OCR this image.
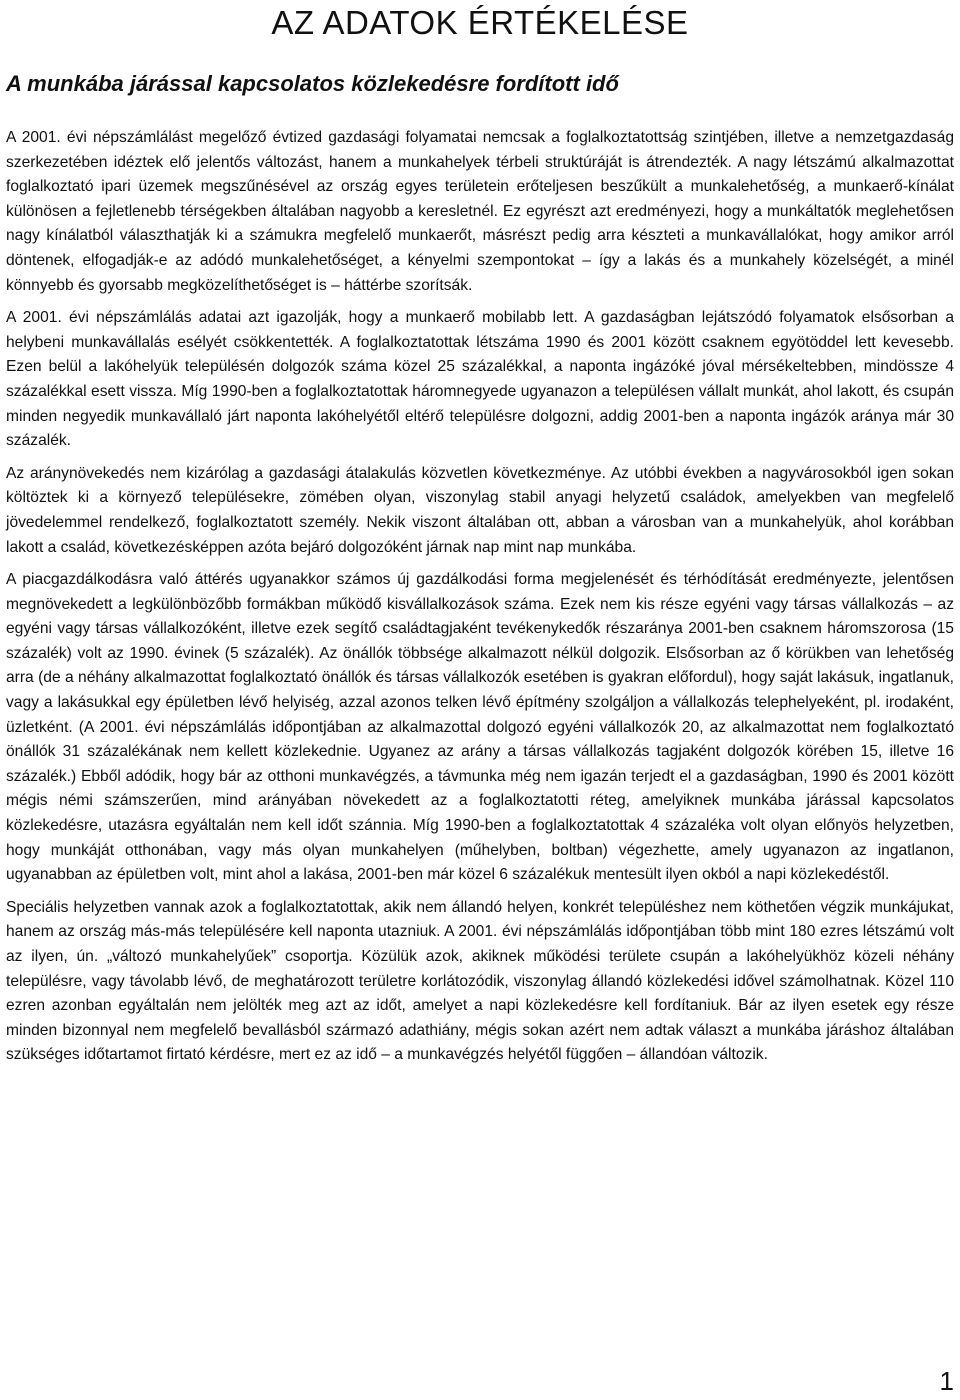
AZ ADATOK ÉRTÉKELÉSE
A munkába járással kapcsolatos közlekedésre fordított idő

A 2001. évi népszámlálást megelőző évtized gazdasági folyamatai nemcsak a foglalkoztatottság szintjében, illetve a nemzetgazdaság szerkezetében idéztek elő jelentős változást, hanem a munkahelyek térbeli struktúráját is átrendezték. A nagy létszámú alkalmazottat foglalkoztató ipari üzemek megszűnésével az ország egyes területein erőteljesen beszűkült a munkalehetőség, a munkaerő-kínálat különösen a fejletlenebb térségekben általában nagyobb a keresletnél. Ez egyrészt azt eredményezi, hogy a munkáltatók meglehetősen nagy kínálatból választhatják ki a számukra megfelelő munkaerőt, másrészt pedig arra készteti a munkavállalókat, hogy amikor arról döntenek, elfogadják-e az adódó munkalehetőséget, a kényelmi szempontokat – így a lakás és a munkahely közelségét, a minél könnyebb és gyorsabb megközelíthetőséget is – háttérbe szorítsák.

A 2001. évi népszámlálás adatai azt igazolják, hogy a munkaerő mobilabb lett. A gazdaságban lejátszódó folyamatok elsősorban a helybeni munkavállalás esélyét csökkentették. A foglalkoztatottak létszáma 1990 és 2001 között csaknem egyötöddel lett kevesebb. Ezen belül a lakóhelyük településén dolgozók száma közel 25 százalékkal, a naponta ingázóké jóval mérsékeltebben, mindössze 4 százalékkal esett vissza. Míg 1990-ben a foglalkoztatottak háromnegyede ugyanazon a településen vállalt munkát, ahol lakott, és csupán minden negyedik munkavállaló járt naponta lakóhelyétől eltérő településre dolgozni, addig 2001-ben a naponta ingázók aránya már 30 százalék.

Az aránynövekedés nem kizárólag a gazdasági átalakulás közvetlen következménye. Az utóbbi években a nagyvárosokból igen sokan költöztek ki a környező településekre, zömében olyan, viszonylag stabil anyagi helyzetű családok, amelyekben van megfelelő jövedelemmel rendelkező, foglalkoztatott személy. Nekik viszont általában ott, abban a városban van a munkahelyük, ahol korábban lakott a család, következésképpen azóta bejáró dolgozóként járnak nap mint nap munkába.

A piacgazdálkodásra való áttérés ugyanakkor számos új gazdálkodási forma megjelenését és térhódítását eredményezte, jelentősen megnövekedett a legkülönbözőbb formákban működő kisvállalkozások száma. Ezek nem kis része egyéni vagy társas vállalkozás – az egyéni vagy társas vállalkozóként, illetve ezek segítő családtagjaként tevékenykedők részaránya 2001-ben csaknem háromszorosa (15 százalék) volt az 1990. évinek (5 százalék). Az önállók többsége alkalmazott nélkül dolgozik. Elsősorban az ő körükben van lehetőség arra (de a néhány alkalmazottat foglalkoztató önállók és társas vállalkozók esetében is gyakran előfordul), hogy saját lakásuk, ingatlanuk, vagy a lakásukkal egy épületben lévő helyiség, azzal azonos telken lévő építmény szolgáljon a vállalkozás telephelyeként, pl. irodaként, üzletként. (A 2001. évi népszámlálás időpontjában az alkalmazottal dolgozó egyéni vállalkozók 20, az alkalmazottat nem foglalkoztató önállók 31 százalékának nem kellett közlekednie. Ugyanez az arány a társas vállalkozás tagjaként dolgozók körében 15, illetve 16 százalék.) Ebből adódik, hogy bár az otthoni munkavégzés, a távmunka még nem igazán terjedt el a gazdaságban, 1990 és 2001 között mégis némi számszerűen, mind arányában növekedett az a foglalkoztatotti réteg, amelyiknek munkába járással kapcsolatos közlekedésre, utazásra egyáltalán nem kell időt szánnia. Míg 1990-ben a foglalkoztatottak 4 százaléka volt olyan előnyös helyzetben, hogy munkáját otthonában, vagy más olyan munkahelyen (műhelyben, boltban) végezhette, amely ugyanazon az ingatlanon, ugyanabban az épületben volt, mint ahol a lakása, 2001-ben már közel 6 százalékuk mentesült ilyen okból a napi közlekedéstől.

Speciális helyzetben vannak azok a foglalkoztatottak, akik nem állandó helyen, konkrét településhez nem köthetően végzik munkájukat, hanem az ország más-más településére kell naponta utazniuk. A 2001. évi népszámlálás időpontjában több mint 180 ezres létszámú volt az ilyen, ún. „változó munkahelyűek” csoportja. Közülük azok, akiknek működési területe csupán a lakóhelyükhöz közeli néhány településre, vagy távolabb lévő, de meghatározott területre korlátozódik, viszonylag állandó közlekedési idővel számolhatnak. Közel 110 ezren azonban egyáltalán nem jelölték meg azt az időt, amelyet a napi közlekedésre kell fordítaniuk. Bár az ilyen esetek egy része minden bizonnyal nem megfelelő bevallásból származó adathiány, mégis sokan azért nem adtak választ a munkába járáshoz általában szükséges időtartamot firtató kérdésre, mert ez az idő – a munkavégzés helyétől függően – állandóan változik.

1
